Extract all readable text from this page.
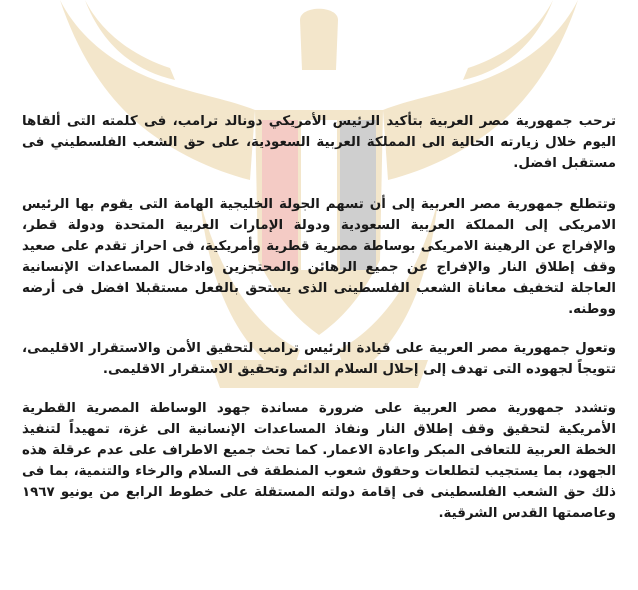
ترحب جمهورية مصر العربية بتأكيد الرئيس الأمريكي دونالد ترامب، فى كلمته التى ألقاها اليوم خلال زيارته الحالية الى المملكة العربية السعودية، على حق الشعب الفلسطيني فى مستقبل افضل.

وتتطلع جمهورية مصر العربية إلى أن تسهم الجولة الخليجية الهامة التى يقوم بها الرئيس الامريكى إلى المملكة العربية السعودية ودولة الإمارات العربية المتحدة ودولة قطر، والإفراج عن الرهينة الامريكى بوساطة مصرية قطرية وأمريكية، فى احراز تقدم على صعيد وقف إطلاق النار والإفراج عن جميع الرهائن والمحتجزين وادخال المساعدات الإنسانية العاجلة لتخفيف معاناة الشعب الفلسطينى الذى يستحق بالفعل مستقبلا افضل فى أرضه ووطنه.

وتعول جمهورية مصر العربية على قيادة الرئيس ترامب لتحقيق الأمن والاستقرار الاقليمى، تتويجاً لجهوده التى تهدف إلى إحلال السلام الدائم وتحقيق الاستقرار الاقليمى.

وتشدد جمهورية مصر العربية على ضرورة مساندة جهود الوساطة المصرية القطرية الأمريكية لتحقيق وقف إطلاق النار ونفاذ المساعدات الإنسانية الى غزة، تمهيداً لتنفيذ الخطة العربية للتعافى المبكر واعادة الاعمار. كما تحث جميع الاطراف على عدم عرقلة هذه الجهود، بما يستجيب لتطلعات وحقوق شعوب المنطقة فى السلام والرخاء والتنمية، بما فى ذلك حق الشعب الفلسطينى فى إقامة دولته المستقلة على خطوط الرابع من يونيو ١٩٦٧ وعاصمتها القدس الشرقية.
